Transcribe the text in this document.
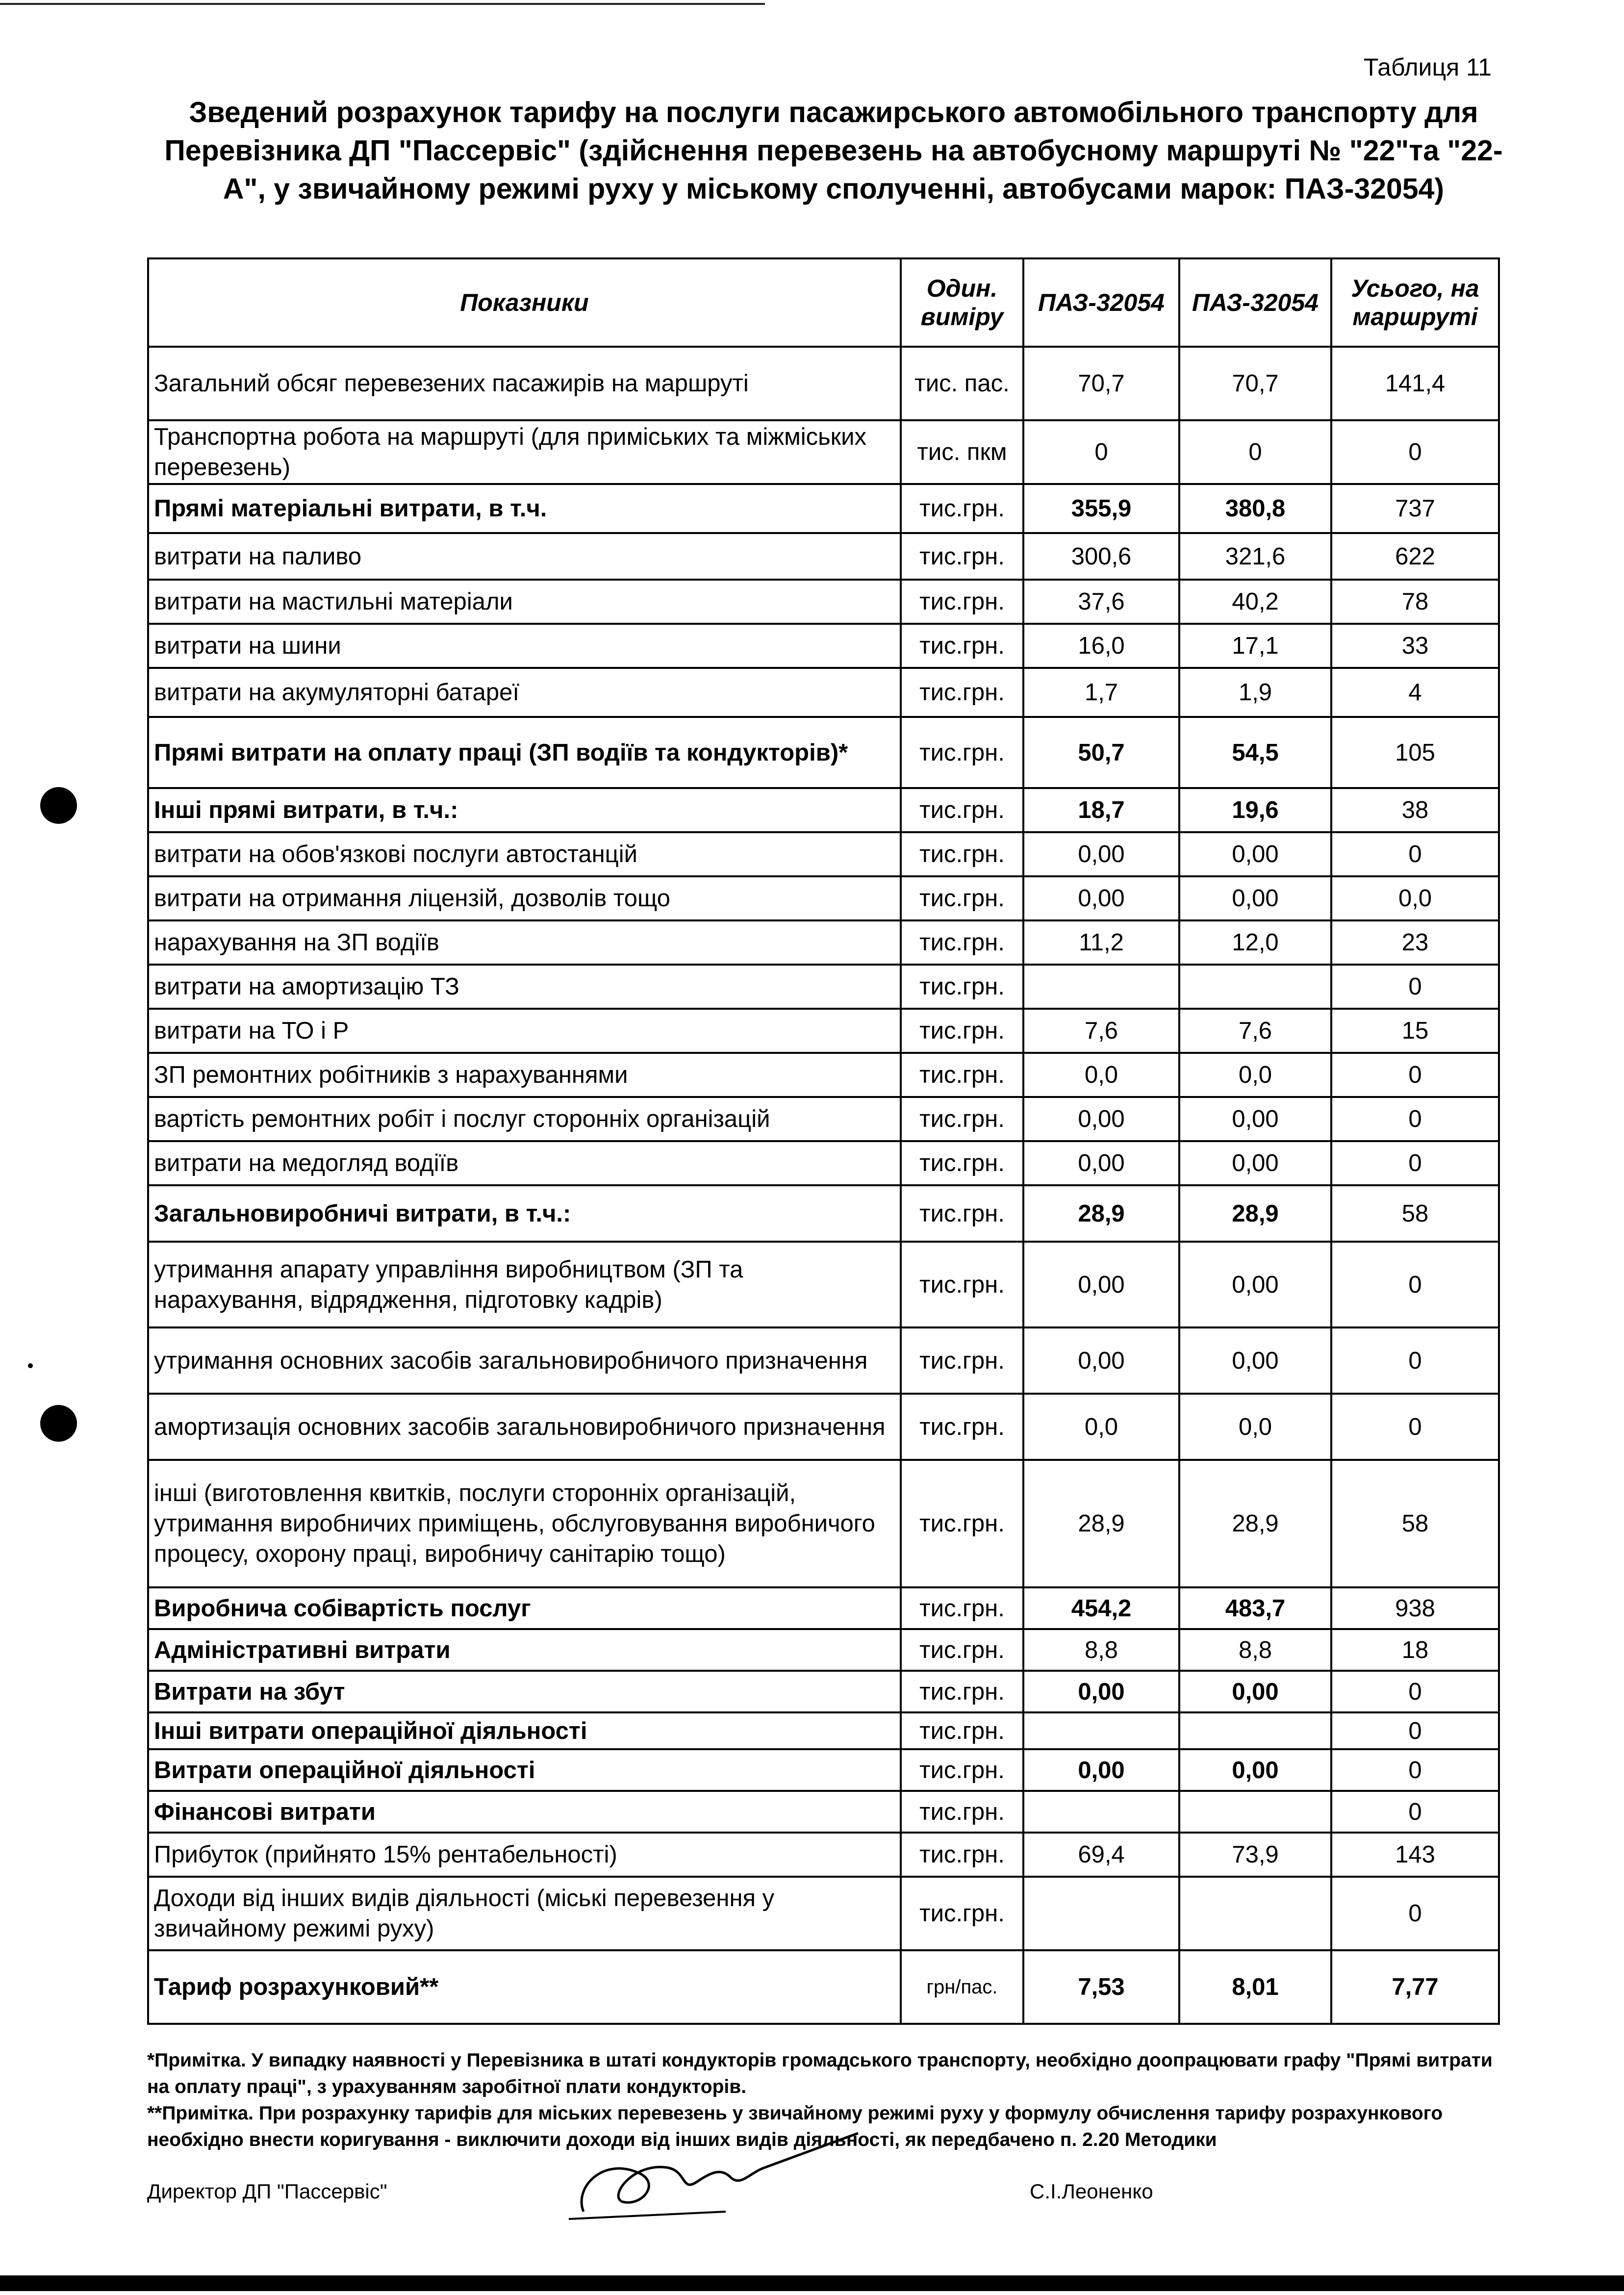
Таблиця 11
Зведений розрахунок тарифу на послуги пасажирського автомобільного транспорту для Перевізника ДП "Пассервіс" (здійснення перевезень на автобусному маршруті № "22"та "22-А", у звичайному режимі руху у міському сполученні, автобусами марок: ПАЗ-32054)
Показники	Один. виміру	ПАЗ-32054	ПАЗ-32054	Усього, на маршруті
Загальний обсяг перевезених пасажирів на маршруті	тис. пас.	70,7	70,7	141,4
Транспортна робота на маршруті (для приміських та міжміських перевезень)	тис. пкм	0	0	0
Прямі матеріальні витрати, в т.ч.	тис.грн.	355,9	380,8	737
витрати на паливо	тис.грн.	300,6	321,6	622
витрати на мастильні матеріали	тис.грн.	37,6	40,2	78
витрати на шини	тис.грн.	16,0	17,1	33
витрати на акумуляторні батареї	тис.грн.	1,7	1,9	4
Прямі витрати на оплату праці (ЗП водіїв та кондукторів)*	тис.грн.	50,7	54,5	105
Інші прямі витрати, в т.ч.:	тис.грн.	18,7	19,6	38
витрати на обов'язкові послуги автостанцій	тис.грн.	0,00	0,00	0
витрати на отримання ліцензій, дозволів тощо	тис.грн.	0,00	0,00	0,0
нарахування на ЗП водіїв	тис.грн.	11,2	12,0	23
витрати на амортизацію ТЗ	тис.грн.			0
витрати на ТО і Р	тис.грн.	7,6	7,6	15
ЗП ремонтних робітників з нарахуваннями	тис.грн.	0,0	0,0	0
вартість ремонтних робіт і послуг сторонніх організацій	тис.грн.	0,00	0,00	0
витрати на медогляд водіїв	тис.грн.	0,00	0,00	0
Загальновиробничі витрати, в т.ч.:	тис.грн.	28,9	28,9	58
утримання апарату управління виробництвом (ЗП та нарахування, відрядження, підготовку кадрів)	тис.грн.	0,00	0,00	0
утримання основних засобів загальновиробничого призначення	тис.грн.	0,00	0,00	0
амортизація основних засобів загальновиробничого призначення	тис.грн.	0,0	0,0	0
інші (виготовлення квитків, послуги сторонніх організацій, утримання виробничих приміщень, обслуговування виробничого процесу, охорону праці, виробничу санітарію тощо)	тис.грн.	28,9	28,9	58
Виробнича собівартість послуг	тис.грн.	454,2	483,7	938
Адміністративні витрати	тис.грн.	8,8	8,8	18
Витрати на збут	тис.грн.	0,00	0,00	0
Інші витрати операційної діяльності	тис.грн.			0
Витрати операційної діяльності	тис.грн.	0,00	0,00	0
Фінансові витрати	тис.грн.			0
Прибуток (прийнято 15% рентабельності)	тис.грн.	69,4	73,9	143
Доходи від інших видів діяльності (міські перевезення у звичайному режимі руху)	тис.грн.			0
Тариф розрахунковий**	грн/пас.	7,53	8,01	7,77

*Примітка. У випадку наявності у Перевізника в штаті кондукторів громадського транспорту, необхідно доопрацювати графу "Прямі витрати на оплату праці", з урахуванням заробітної плати кондукторів.

**Примітка. При розрахунку тарифів для міських перевезень у звичайному режимі руху у формулу обчислення тарифу розрахункового необхідно внести коригування - виключити доходи від інших видів діяльності, як передбачено п. 2.20 Методики

Директор ДП "Пассервіс"	С.І.Леоненко
